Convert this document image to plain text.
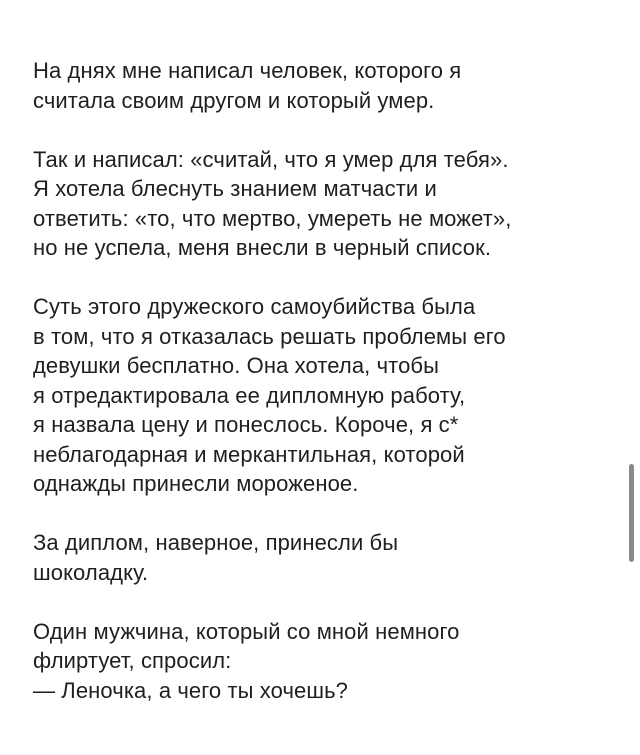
На днях мне написал человек, которого я
считала своим другом и который умер.

Так и написал: «считай, что я умер для тебя».
Я хотела блеснуть знанием матчасти и
ответить: «то, что мертво, умереть не может»,
но не успела, меня внесли в черный список.

Суть этого дружеского самоубийства была
в том, что я отказалась решать проблемы его
девушки бесплатно. Она хотела, чтобы
я отредактировала ее дипломную работу,
я назвала цену и понеслось. Короче, я с*
неблагодарная и меркантильная, которой
однажды принесли мороженое.

За диплом, наверное, принесли бы
шоколадку.

Один мужчина, который со мной немного
флиртует, спросил:
— Леночка, а чего ты хочешь?
